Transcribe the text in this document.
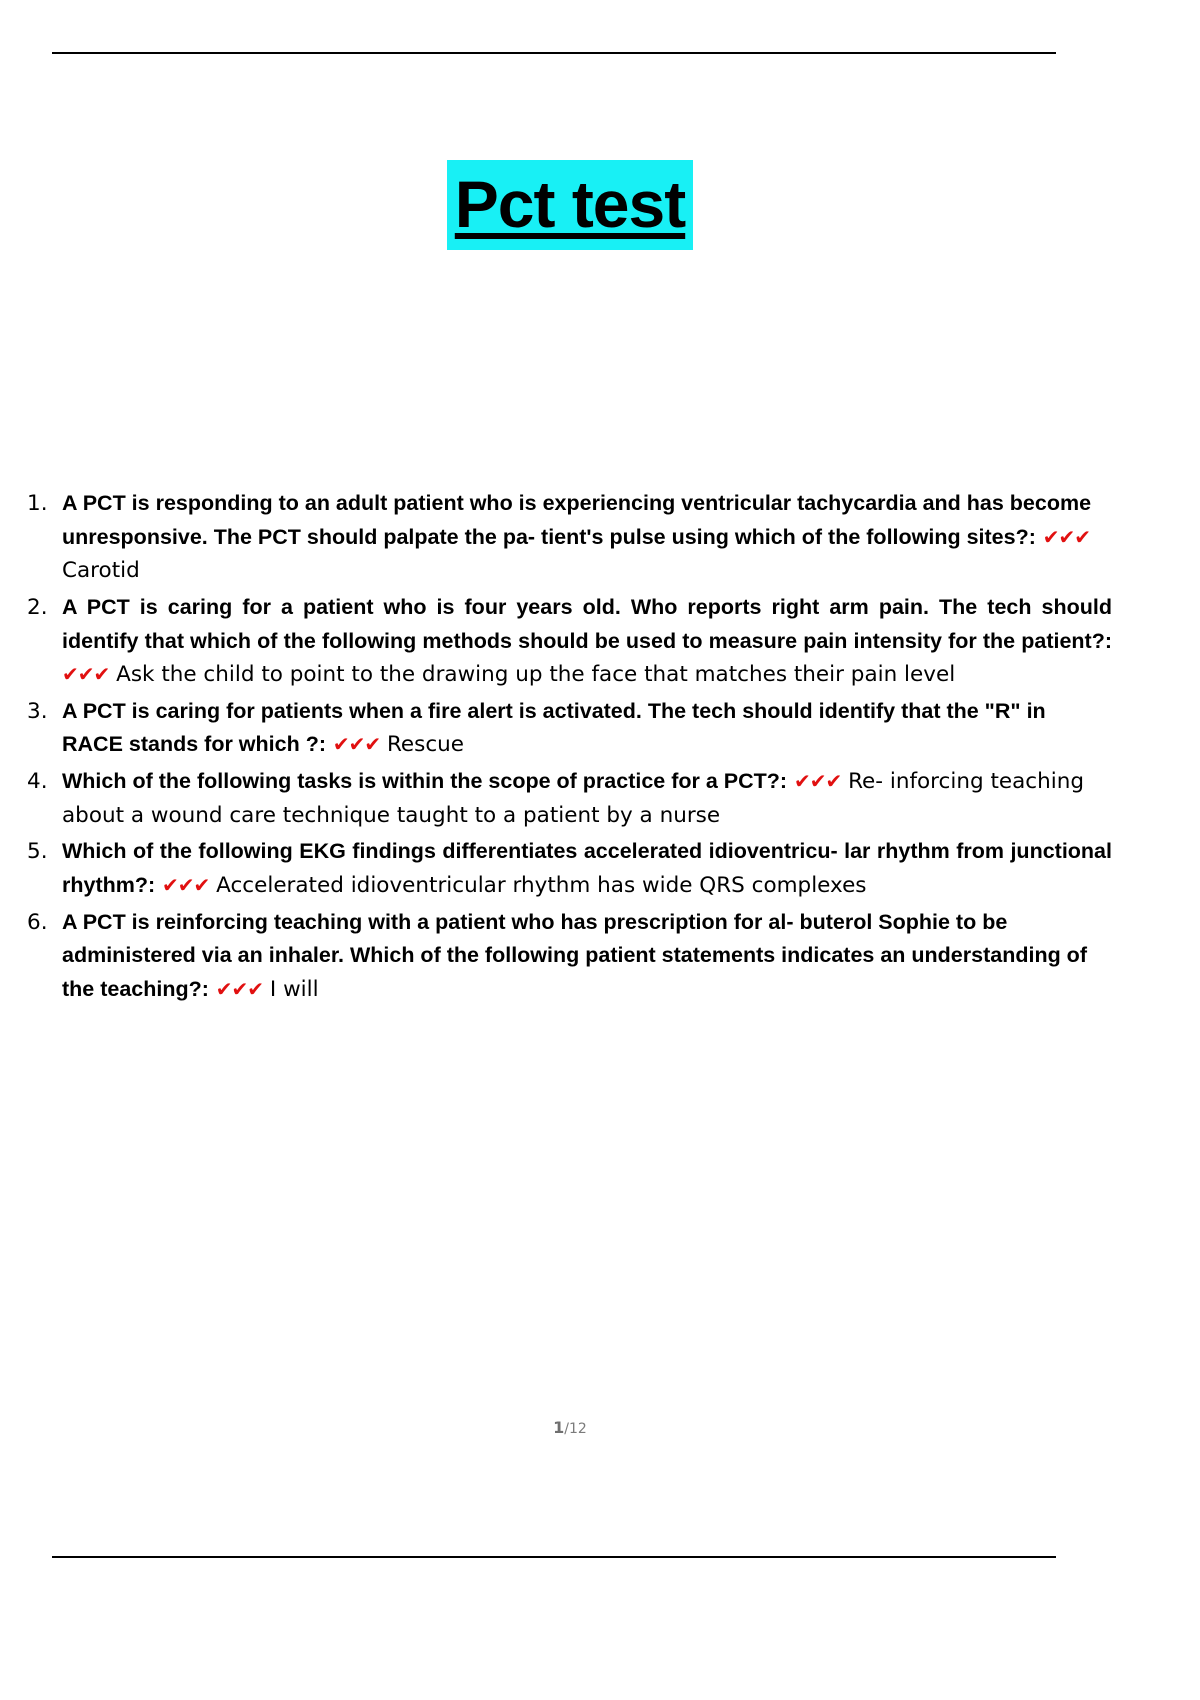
Pct test
A PCT is responding to an adult patient who is experiencing ventricular tachycardia and has become unresponsive. The PCT should palpate the pa- tient's pulse using which of the following sites?: ✔✔✔ Carotid
A PCT is caring for a patient who is four years old. Who reports right arm pain. The tech should identify that which of the following methods should be used to measure pain intensity for the patient?: ✔✔✔ Ask the child to point to the drawing up the face that matches their pain level
A PCT is caring for patients when a fire alert is activated. The tech should identify that the "R" in RACE stands for which ?: ✔✔✔ Rescue
Which of the following tasks is within the scope of practice for a PCT?: ✔✔✔ Re- inforcing teaching about a wound care technique taught to a patient by a nurse
Which of the following EKG findings differentiates accelerated idioventricu- lar rhythm from junctional rhythm?: ✔✔✔ Accelerated idioventricular rhythm has wide QRS complexes
A PCT is reinforcing teaching with a patient who has prescription for al- buterol Sophie to be administered via an inhaler. Which of the following patient statements indicates an understanding of the teaching?: ✔✔✔ I will
1/12
